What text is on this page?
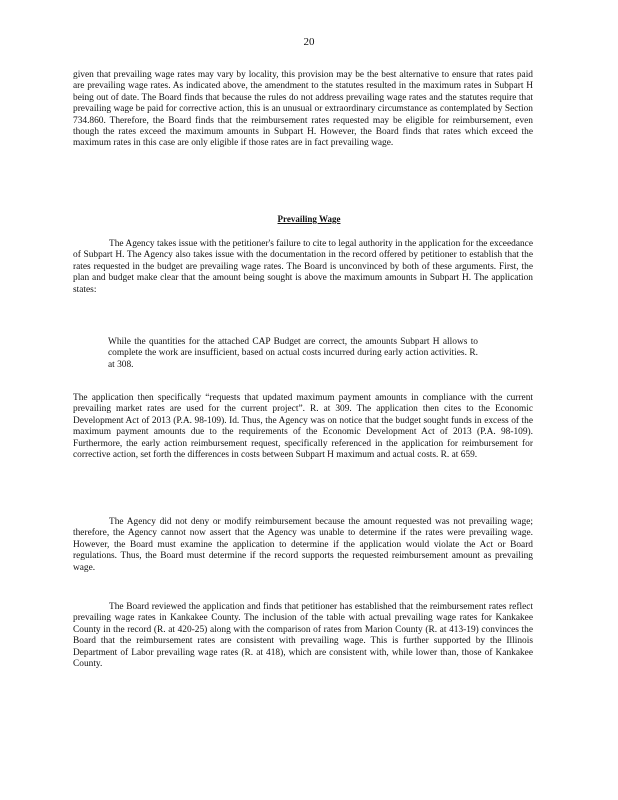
20

given that prevailing wage rates may vary by locality, this provision may be the best alternative to ensure that rates paid are prevailing wage rates. As indicated above, the amendment to the statutes resulted in the maximum rates in Subpart H being out of date. The Board finds that because the rules do not address prevailing wage rates and the statutes require that prevailing wage be paid for corrective action, this is an unusual or extraordinary circumstance as contemplated by Section 734.860. Therefore, the Board finds that the reimbursement rates requested may be eligible for reimbursement, even though the rates exceed the maximum amounts in Subpart H. However, the Board finds that rates which exceed the maximum rates in this case are only eligible if those rates are in fact prevailing wage.

Prevailing Wage

The Agency takes issue with the petitioner's failure to cite to legal authority in the application for the exceedance of Subpart H. The Agency also takes issue with the documentation in the record offered by petitioner to establish that the rates requested in the budget are prevailing wage rates. The Board is unconvinced by both of these arguments. First, the plan and budget make clear that the amount being sought is above the maximum amounts in Subpart H. The application states:

While the quantities for the attached CAP Budget are correct, the amounts Subpart H allows to complete the work are insufficient, based on actual costs incurred during early action activities. R. at 308.

The application then specifically “requests that updated maximum payment amounts in compliance with the current prevailing market rates are used for the current project”. R. at 309. The application then cites to the Economic Development Act of 2013 (P.A. 98-109). Id. Thus, the Agency was on notice that the budget sought funds in excess of the maximum payment amounts due to the requirements of the Economic Development Act of 2013 (P.A. 98-109). Furthermore, the early action reimbursement request, specifically referenced in the application for reimbursement for corrective action, set forth the differences in costs between Subpart H maximum and actual costs. R. at 659.

The Agency did not deny or modify reimbursement because the amount requested was not prevailing wage; therefore, the Agency cannot now assert that the Agency was unable to determine if the rates were prevailing wage. However, the Board must examine the application to determine if the application would violate the Act or Board regulations. Thus, the Board must determine if the record supports the requested reimbursement amount as prevailing wage.

The Board reviewed the application and finds that petitioner has established that the reimbursement rates reflect prevailing wage rates in Kankakee County. The inclusion of the table with actual prevailing wage rates for Kankakee County in the record (R. at 420-25) along with the comparison of rates from Marion County (R. at 413-19) convinces the Board that the reimbursement rates are consistent with prevailing wage. This is further supported by the Illinois Department of Labor prevailing wage rates (R. at 418), which are consistent with, while lower than, those of Kankakee County.
